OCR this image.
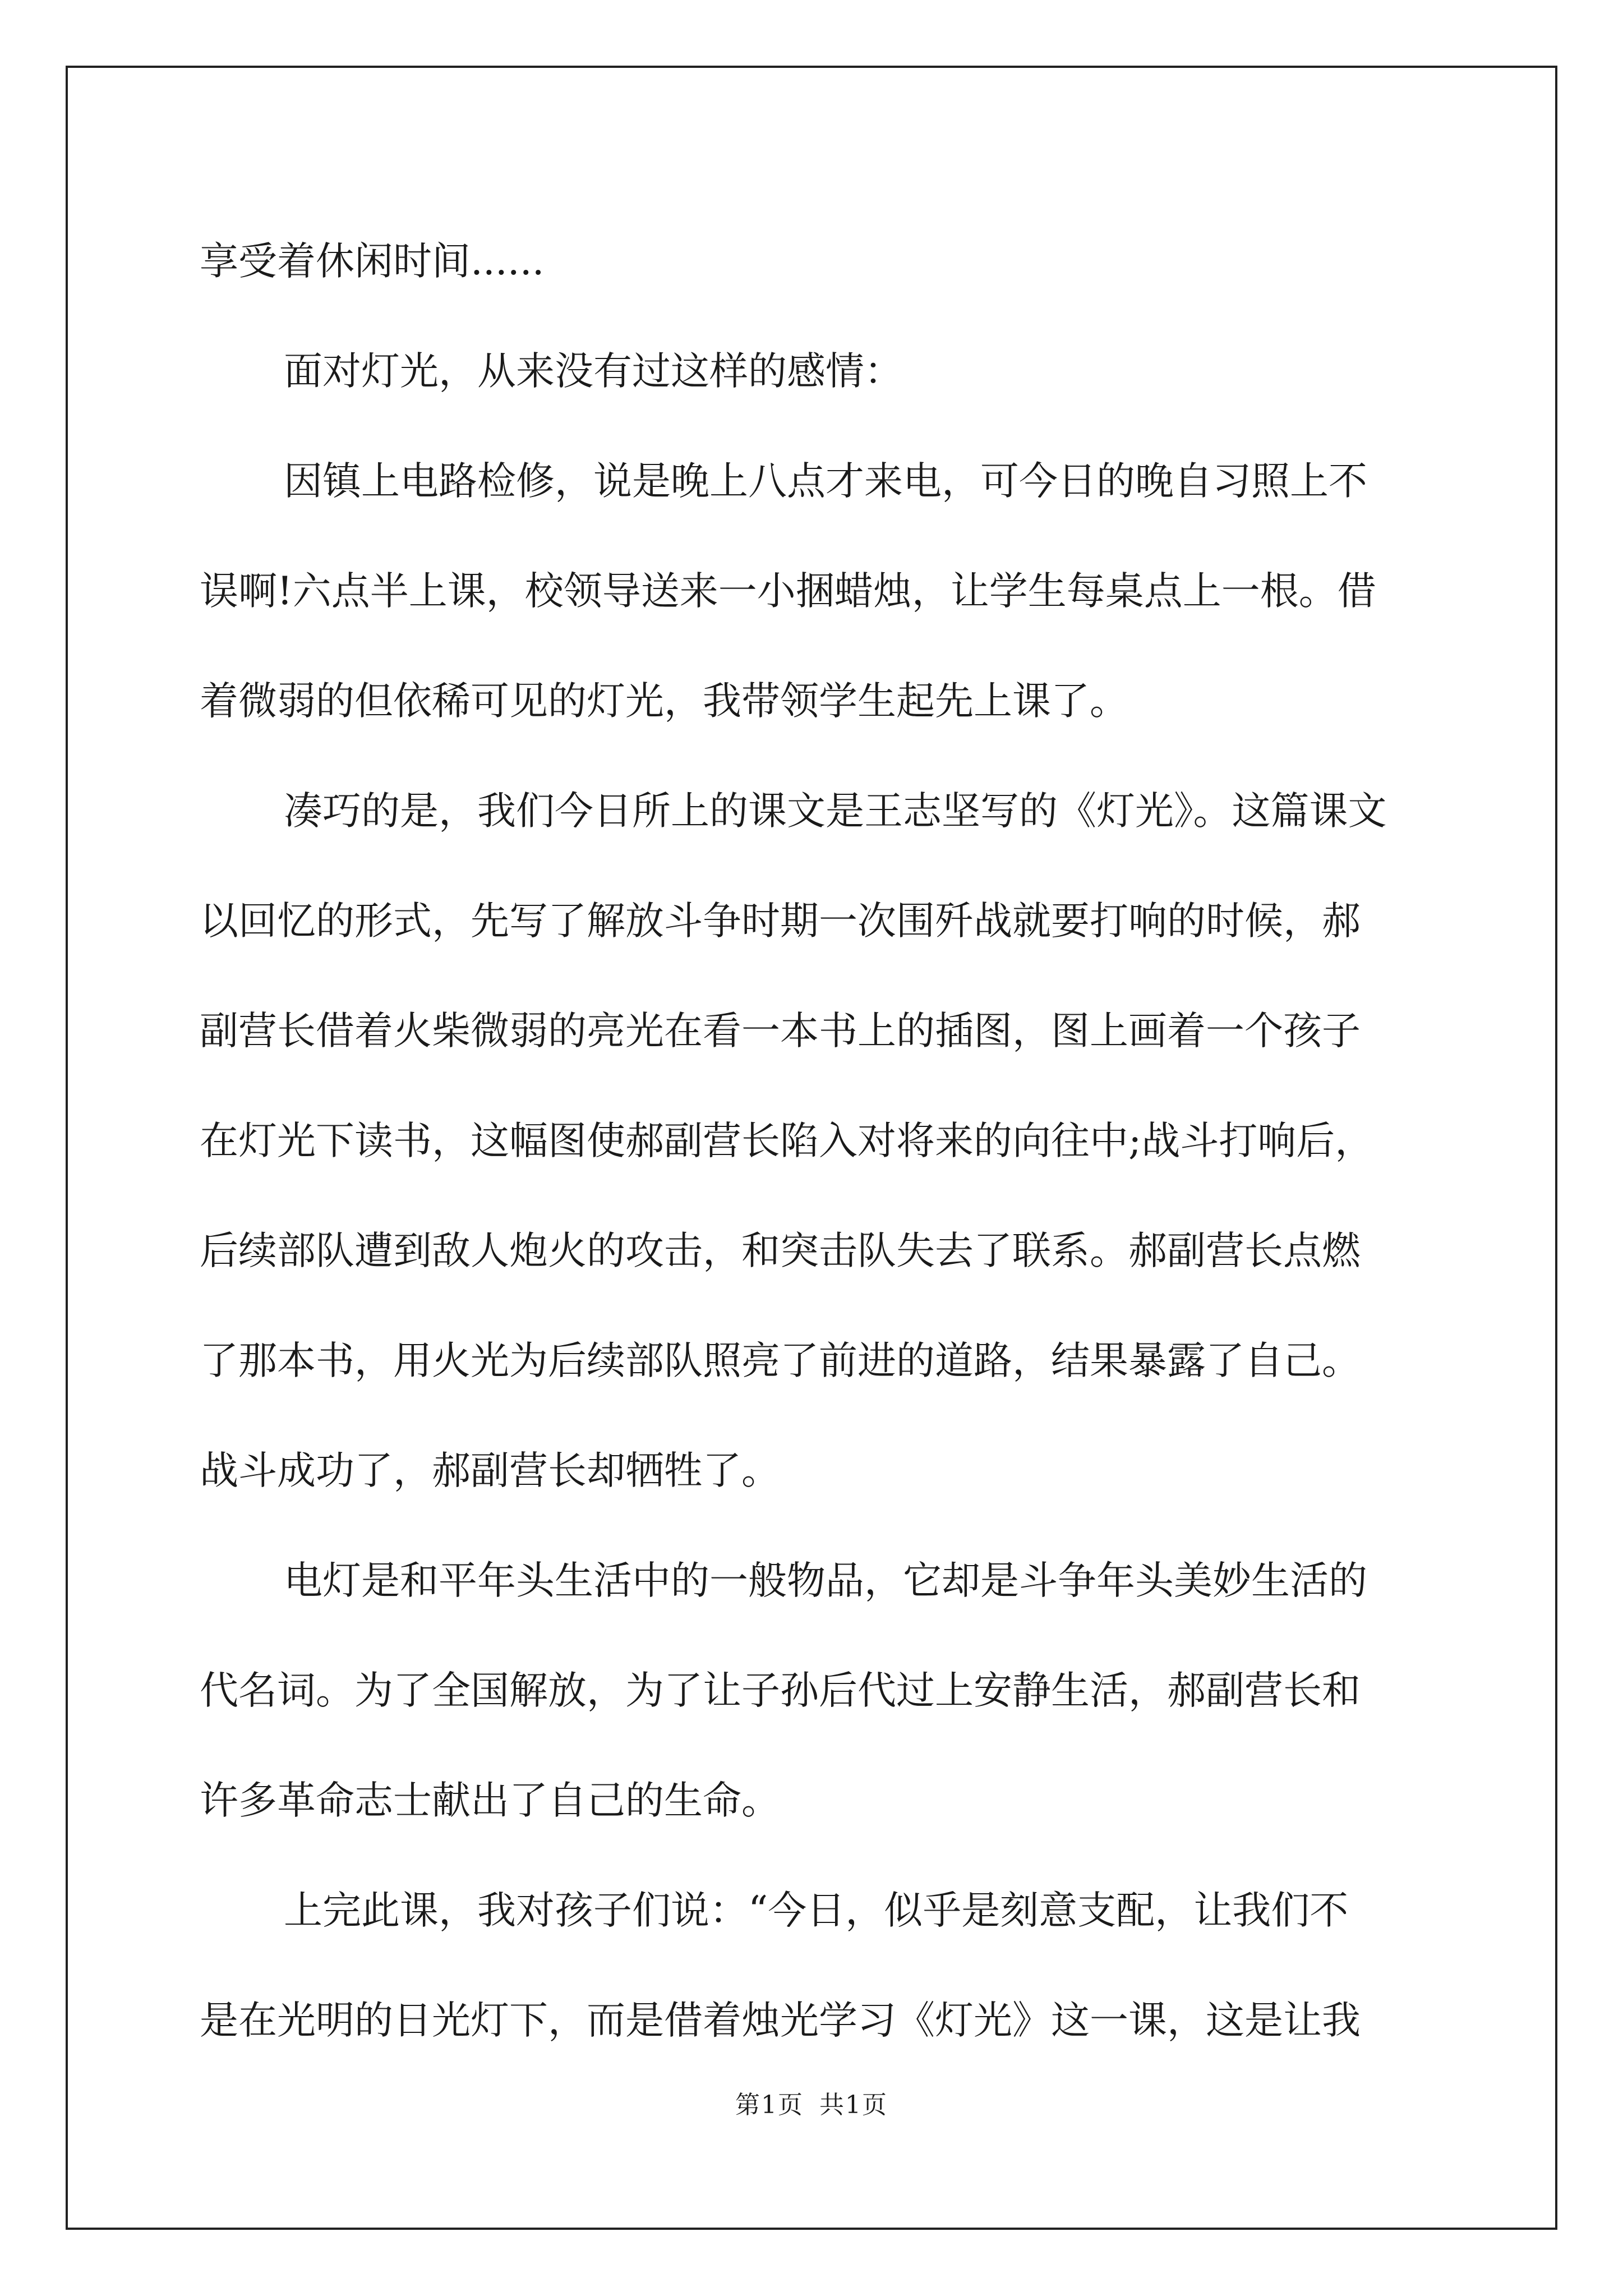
享受着休闲时间......
面对灯光，从来没有过这样的感情：
因镇上电路检修，说是晚上八点才来电，可今日的晚自习照上不
误啊!六点半上课，校领导送来一小捆蜡烛，让学生每桌点上一根。借
着微弱的但依稀可见的灯光，我带领学生起先上课了。
凑巧的是，我们今日所上的课文是王志坚写的《灯光》。这篇课文
以回忆的形式，先写了解放斗争时期一次围歼战就要打响的时候，郝
副营长借着火柴微弱的亮光在看一本书上的插图，图上画着一个孩子
在灯光下读书，这幅图使郝副营长陷入对将来的向往中;战斗打响后，
后续部队遭到敌人炮火的攻击，和突击队失去了联系。郝副营长点燃
了那本书，用火光为后续部队照亮了前进的道路，结果暴露了自己。
战斗成功了，郝副营长却牺牲了。
电灯是和平年头生活中的一般物品，它却是斗争年头美妙生活的
代名词。为了全国解放，为了让子孙后代过上安静生活，郝副营长和
许多革命志士献出了自己的生命。
上完此课，我对孩子们说：“今日，似乎是刻意支配，让我们不
是在光明的日光灯下，而是借着烛光学习《灯光》这一课，这是让我
第1页 共1页
